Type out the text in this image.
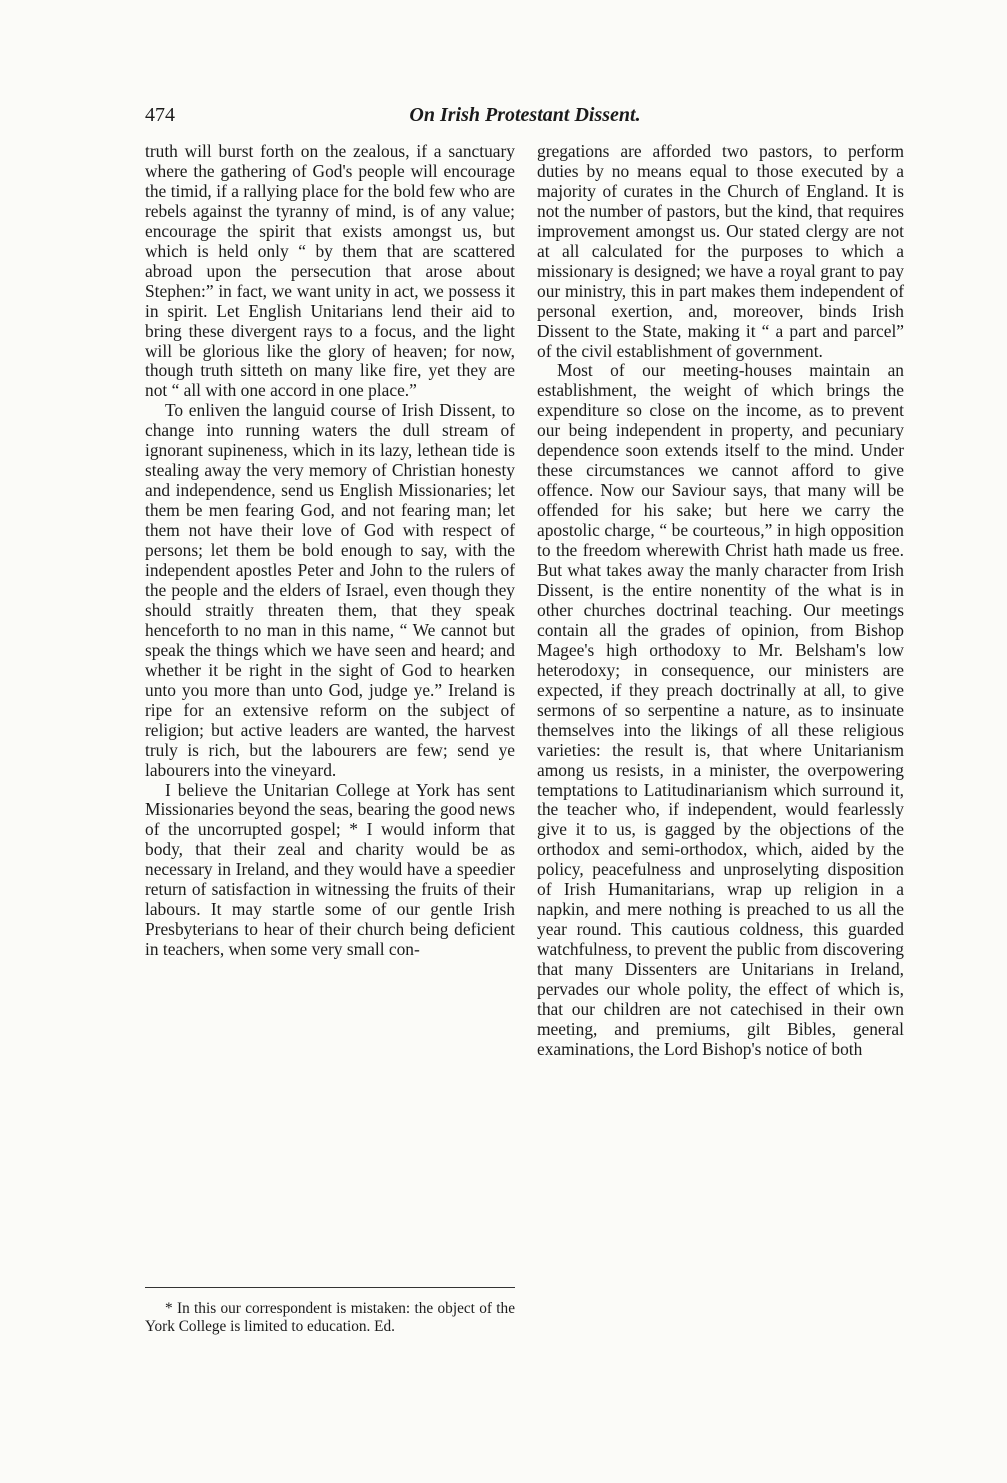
474	On Irish Protestant Dissent.

truth will burst forth on the zealous, if a sanctuary where the gathering of God's people will encourage the timid, if a rallying place for the bold few who are rebels against the tyranny of mind, is of any value; encourage the spirit that exists amongst us, but which is held only “ by them that are scattered abroad upon the persecution that arose about Stephen:” in fact, we want unity in act, we possess it in spirit. Let English Unitarians lend their aid to bring these divergent rays to a focus, and the light will be glorious like the glory of heaven; for now, though truth sitteth on many like fire, yet they are not “ all with one accord in one place.”

To enliven the languid course of Irish Dissent, to change into running waters the dull stream of ignorant supineness, which in its lazy, lethean tide is stealing away the very memory of Christian honesty and independence, send us English Missionaries; let them be men fearing God, and not fearing man; let them not have their love of God with respect of persons; let them be bold enough to say, with the independent apostles Peter and John to the rulers of the people and the elders of Israel, even though they should straitly threaten them, that they speak henceforth to no man in this name, “ We cannot but speak the things which we have seen and heard; and whether it be right in the sight of God to hearken unto you more than unto God, judge ye.” Ireland is ripe for an extensive reform on the subject of religion; but active leaders are wanted, the harvest truly is rich, but the labourers are few; send ye labourers into the vineyard.

I believe the Unitarian College at York has sent Missionaries beyond the seas, bearing the good news of the uncorrupted gospel; * I would inform that body, that their zeal and charity would be as necessary in Ireland, and they would have a speedier return of satisfaction in witnessing the fruits of their labours. It may startle some of our gentle Irish Presbyterians to hear of their church being deficient in teachers, when some very small con-

gregations are afforded two pastors, to perform duties by no means equal to those executed by a majority of curates in the Church of England. It is not the number of pastors, but the kind, that requires improvement amongst us. Our stated clergy are not at all calculated for the purposes to which a missionary is designed; we have a royal grant to pay our ministry, this in part makes them independent of personal exertion, and, moreover, binds Irish Dissent to the State, making it “ a part and parcel” of the civil establishment of government.

Most of our meeting-houses maintain an establishment, the weight of which brings the expenditure so close on the income, as to prevent our being independent in property, and pecuniary dependence soon extends itself to the mind. Under these circumstances we cannot afford to give offence. Now our Saviour says, that many will be offended for his sake; but here we carry the apostolic charge, “ be courteous,” in high opposition to the freedom wherewith Christ hath made us free. But what takes away the manly character from Irish Dissent, is the entire nonentity of the what is in other churches doctrinal teaching. Our meetings contain all the grades of opinion, from Bishop Magee's high orthodoxy to Mr. Belsham's low heterodoxy; in consequence, our ministers are expected, if they preach doctrinally at all, to give sermons of so serpentine a nature, as to insinuate themselves into the likings of all these religious varieties: the result is, that where Unitarianism among us resists, in a minister, the overpowering temptations to Latitudinarianism which surround it, the teacher who, if independent, would fearlessly give it to us, is gagged by the objections of the orthodox and semi-orthodox, which, aided by the policy, peacefulness and unproselyting disposition of Irish Humanitarians, wrap up religion in a napkin, and mere nothing is preached to us all the year round. This cautious coldness, this guarded watchfulness, to prevent the public from discovering that many Dissenters are Unitarians in Ireland, pervades our whole polity, the effect of which is, that our children are not catechised in their own meeting, and premiums, gilt Bibles, general examinations, the Lord Bishop's notice of both

* In this our correspondent is mistaken: the object of the York College is limited to education. Ed.
